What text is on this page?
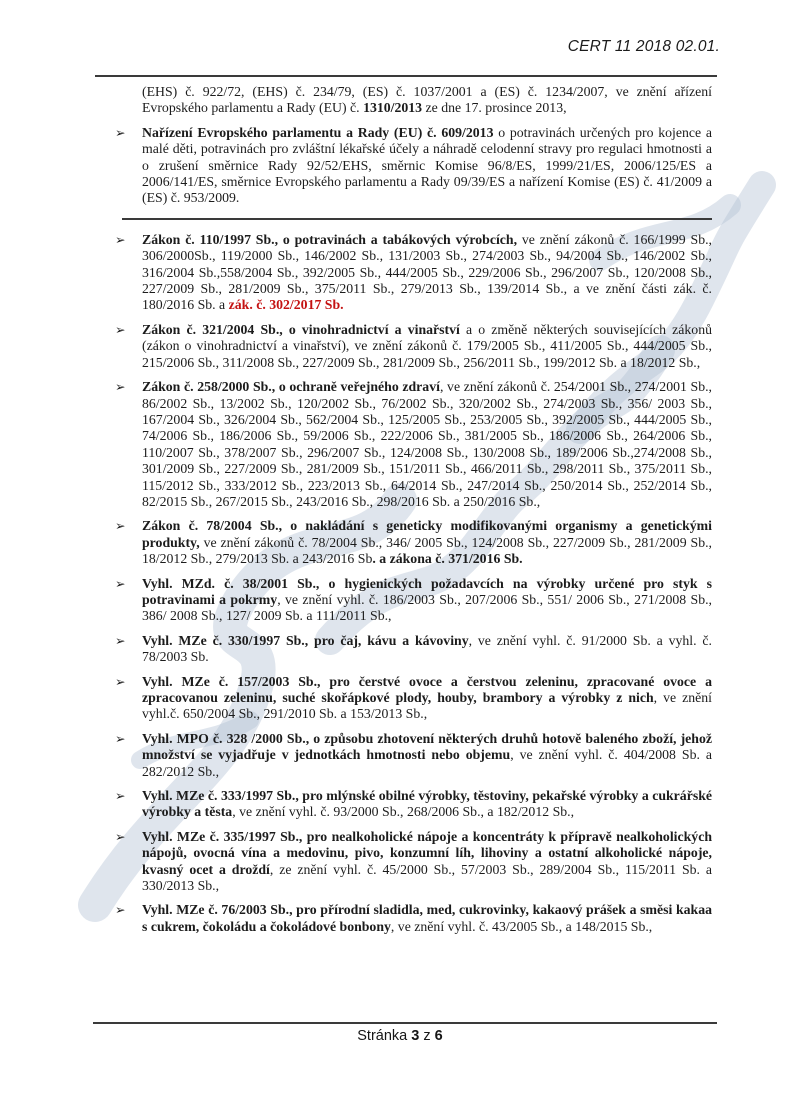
CERT 11 2018 02.01.
(EHS) č. 922/72, (EHS) č. 234/79, (ES) č. 1037/2001 a (ES) č. 1234/2007, ve znění ařízení Evropského parlamentu a Rady (EU) č. 1310/2013 ze dne 17. prosince 2013,
➢	Nařízení Evropského parlamentu a Rady (EU) č. 609/2013 o potravinách určených pro kojence a malé děti, potravinách pro zvláštní lékařské účely a náhradě celodenní stravy pro regulaci hmotnosti a o zrušení směrnice Rady 92/52/EHS, směrnic Komise 96/8/ES, 1999/21/ES, 2006/125/ES a 2006/141/ES, směrnice Evropského parlamentu a Rady 09/39/ES a nařízení Komise (ES) č. 41/2009 a (ES) č. 953/2009.
➢	Zákon č. 110/1997 Sb., o potravinách a tabákových výrobcích, ve znění zákonů č. 166/1999 Sb., 306/2000Sb., 119/2000 Sb., 146/2002 Sb., 131/2003 Sb., 274/2003 Sb., 94/2004 Sb., 146/2002 Sb., 316/2004 Sb.,558/2004 Sb., 392/2005 Sb., 444/2005 Sb., 229/2006 Sb., 296/2007 Sb., 120/2008 Sb., 227/2009 Sb., 281/2009 Sb., 375/2011 Sb., 279/2013 Sb., 139/2014 Sb., a ve znění části zák. č. 180/2016 Sb. a zák. č. 302/2017 Sb.
➢	Zákon č. 321/2004 Sb., o vinohradnictví a vinařství a o změně některých souvisejících zákonů (zákon o vinohradnictví a vinařství), ve znění zákonů č. 179/2005 Sb., 411/2005 Sb., 444/2005 Sb., 215/2006 Sb., 311/2008 Sb., 227/2009 Sb., 281/2009 Sb., 256/2011 Sb., 199/2012 Sb. a 18/2012 Sb.,
➢	Zákon č. 258/2000 Sb., o ochraně veřejného zdraví, ve znění zákonů č. 254/2001 Sb., 274/2001 Sb., 86/2002 Sb., 13/2002 Sb., 120/2002 Sb., 76/2002 Sb., 320/2002 Sb., 274/2003 Sb., 356/ 2003 Sb., 167/2004 Sb., 326/2004 Sb., 562/2004 Sb., 125/2005 Sb., 253/2005 Sb., 392/2005 Sb., 444/2005 Sb., 74/2006 Sb., 186/2006 Sb., 59/2006 Sb., 222/2006 Sb., 381/2005 Sb., 186/2006 Sb., 264/2006 Sb., 110/2007 Sb., 378/2007 Sb., 296/2007 Sb., 124/2008 Sb., 130/2008 Sb., 189/2006 Sb.,274/2008 Sb., 301/2009 Sb., 227/2009 Sb., 281/2009 Sb., 151/2011 Sb., 466/2011 Sb., 298/2011 Sb., 375/2011 Sb., 115/2012 Sb., 333/2012 Sb., 223/2013 Sb., 64/2014 Sb., 247/2014 Sb., 250/2014 Sb., 252/2014 Sb., 82/2015 Sb., 267/2015 Sb., 243/2016 Sb., 298/2016 Sb. a 250/2016 Sb.,
➢	Zákon č. 78/2004 Sb., o nakládání s geneticky modifikovanými organismy a genetickými produkty, ve znění zákonů č. 78/2004 Sb., 346/ 2005 Sb., 124/2008 Sb., 227/2009 Sb., 281/2009 Sb., 18/2012 Sb., 279/2013 Sb. a 243/2016 Sb. a zákona č. 371/2016 Sb.
➢	Vyhl. MZd. č. 38/2001 Sb., o hygienických požadavcích na výrobky určené pro styk s potravinami a pokrmy, ve znění vyhl. č. 186/2003 Sb., 207/2006 Sb., 551/ 2006 Sb., 271/2008 Sb., 386/ 2008 Sb., 127/ 2009 Sb. a 111/2011 Sb.,
➢	Vyhl. MZe č. 330/1997 Sb., pro čaj, kávu a kávoviny, ve znění vyhl. č. 91/2000 Sb. a vyhl. č. 78/2003 Sb.
➢	Vyhl. MZe č. 157/2003 Sb., pro čerstvé ovoce a čerstvou zeleninu, zpracované ovoce a zpracovanou zeleninu, suché skořápkové plody, houby, brambory a výrobky z nich, ve znění vyhl.č. 650/2004 Sb., 291/2010 Sb. a 153/2013 Sb.,
➢	Vyhl. MPO č. 328 /2000 Sb., o způsobu zhotovení některých druhů hotově baleného zboží, jehož množství se vyjadřuje v jednotkách hmotnosti nebo objemu, ve znění vyhl. č. 404/2008 Sb. a 282/2012 Sb.,
➢	Vyhl. MZe č. 333/1997 Sb., pro mlýnské obilné výrobky, těstoviny, pekařské výrobky a cukrářské výrobky a těsta, ve znění vyhl. č. 93/2000 Sb., 268/2006 Sb., a 182/2012 Sb.,
➢	Vyhl. MZe č. 335/1997 Sb., pro nealkoholické nápoje a koncentráty k přípravě nealkoholických nápojů, ovocná vína a medovinu, pivo, konzumní líh, lihoviny a ostatní alkoholické nápoje, kvasný ocet a droždí, ze znění vyhl. č. 45/2000 Sb., 57/2003 Sb., 289/2004 Sb., 115/2011 Sb. a 330/2013 Sb.,
➢	Vyhl. MZe č. 76/2003 Sb., pro přírodní sladidla, med, cukrovinky, kakaový prášek a směsi kakaa s cukrem, čokoládu a čokoládové bonbony, ve znění vyhl. č. 43/2005 Sb., a 148/2015 Sb.,
Stránka 3 z 6
